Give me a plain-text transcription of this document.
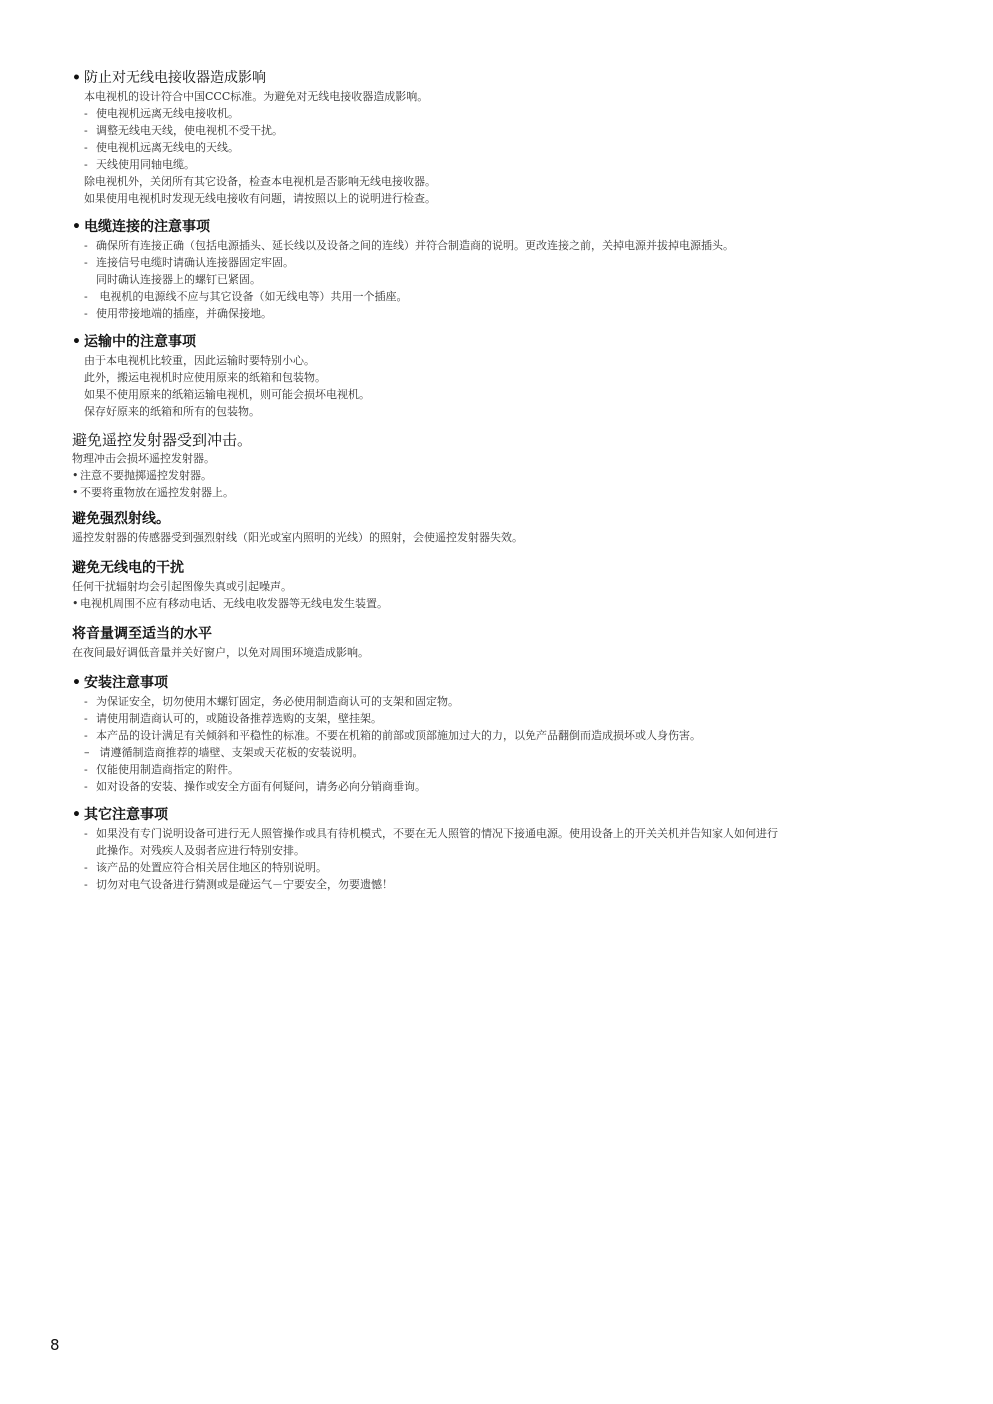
• 防止对无线电接收器造成影响
本电视机的设计符合中国CCC标准。为避免对无线电接收器造成影响。
- 使电视机远离无线电接收机。
- 调整无线电天线，使电视机不受干扰。
- 使电视机远离无线电的天线。
- 天线使用同轴电缆。
除电视机外，关闭所有其它设备，检查本电视机是否影响无线电接收器。
如果使用电视机时发现无线电接收有问题，请按照以上的说明进行检查。
• 电缆连接的注意事项
- 确保所有连接正确（包括电源插头、延长线以及设备之间的连线）并符合制造商的说明。更改连接之前，关掉电源并拔掉电源插头。
- 连接信号电缆时请确认连接器固定牢固。
同时确认连接器上的螺钉已紧固。
- 电视机的电源线不应与其它设备（如无线电等）共用一个插座。
- 使用带接地端的插座，并确保接地。
• 运输中的注意事项
由于本电视机比较重，因此运输时要特别小心。
此外，搬运电视机时应使用原来的纸箱和包装物。
如果不使用原来的纸箱运输电视机，则可能会损坏电视机。
保存好原来的纸箱和所有的包装物。
避免遥控发射器受到冲击。
物理冲击会损坏遥控发射器。
• 注意不要抛掷遥控发射器。
• 不要将重物放在遥控发射器上。
避免强烈射线。
遥控发射器的传感器受到强烈射线（阳光或室内照明的光线）的照射，会使遥控发射器失效。
避免无线电的干扰
任何干扰辐射均会引起图像失真或引起噪声。
• 电视机周围不应有移动电话、无线电收发器等无线电发生装置。
将音量调至适当的水平
在夜间最好调低音量并关好窗户，以免对周围环境造成影响。
• 安装注意事项
- 为保证安全，切勿使用木螺钉固定，务必使用制造商认可的支架和固定物。
- 请使用制造商认可的，或随设备推荐选购的支架，壁挂架。
- 本产品的设计满足有关倾斜和平稳性的标准。不要在机箱的前部或顶部施加过大的力，以免产品翻倒而造成损坏或人身伤害。
– 请遵循制造商推荐的墙壁、支架或天花板的安装说明。
- 仅能使用制造商指定的附件。
- 如对设备的安装、操作或安全方面有何疑问，请务必向分销商垂询。
• 其它注意事项
- 如果没有专门说明设备可进行无人照管操作或具有待机模式，不要在无人照管的情况下接通电源。使用设备上的开关关机并告知家人如何进行
此操作。对残疾人及弱者应进行特别安排。
- 该产品的处置应符合相关居住地区的特别说明。
- 切勿对电气设备进行猜测或是碰运气－宁要安全，勿要遗憾！
8
